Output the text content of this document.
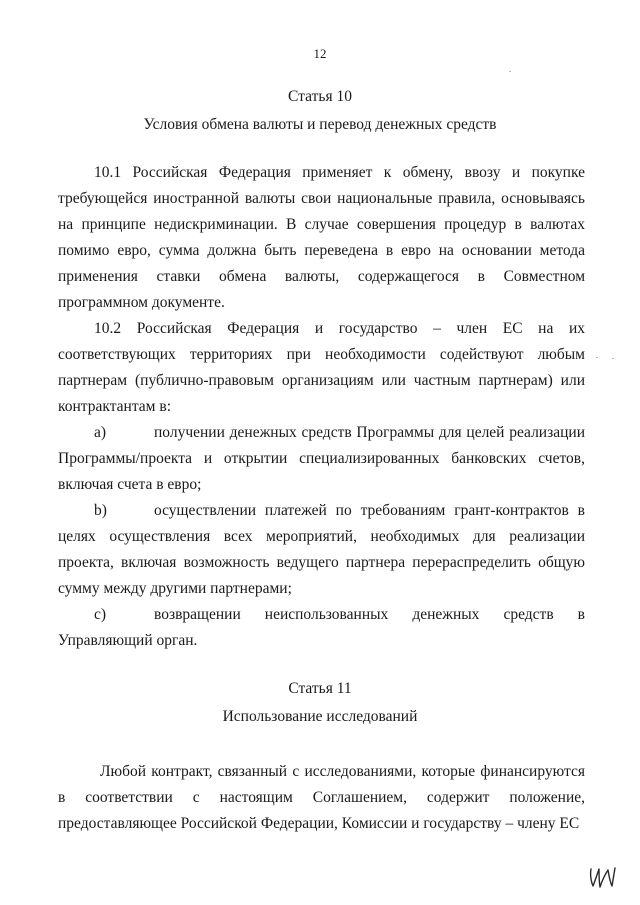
12
Статья 10
Условия обмена валюты и перевод денежных средств

10.1 Российская Федерация применяет к обмену, ввозу и покупке требующейся иностранной валюты свои национальные правила, основываясь на принципе недискриминации. В случае совершения процедур в валютах помимо евро, сумма должна быть переведена в евро на основании метода применения ставки обмена валюты, содержащегося в Совместном программном документе.

10.2 Российская Федерация и государство – член ЕС на их соответствующих территориях при необходимости содействуют любым партнерам (публично-правовым организациям или частным партнерам) или контрактантам в:

а)	получении денежных средств Программы для целей реализации Программы/проекта и открытии специализированных банковских счетов, включая счета в евро;

b)	осуществлении платежей по требованиям грант-контрактов в целях осуществления всех мероприятий, необходимых для реализации проекта, включая возможность ведущего партнера перераспределить общую сумму между другими партнерами;

c)	возвращении неиспользованных денежных средств в Управляющий орган.

Статья 11
Использование исследований

Любой контракт, связанный с исследованиями, которые финансируются в соответствии с настоящим Соглашением, содержит положение, предоставляющее Российской Федерации, Комиссии и государству – члену ЕС
